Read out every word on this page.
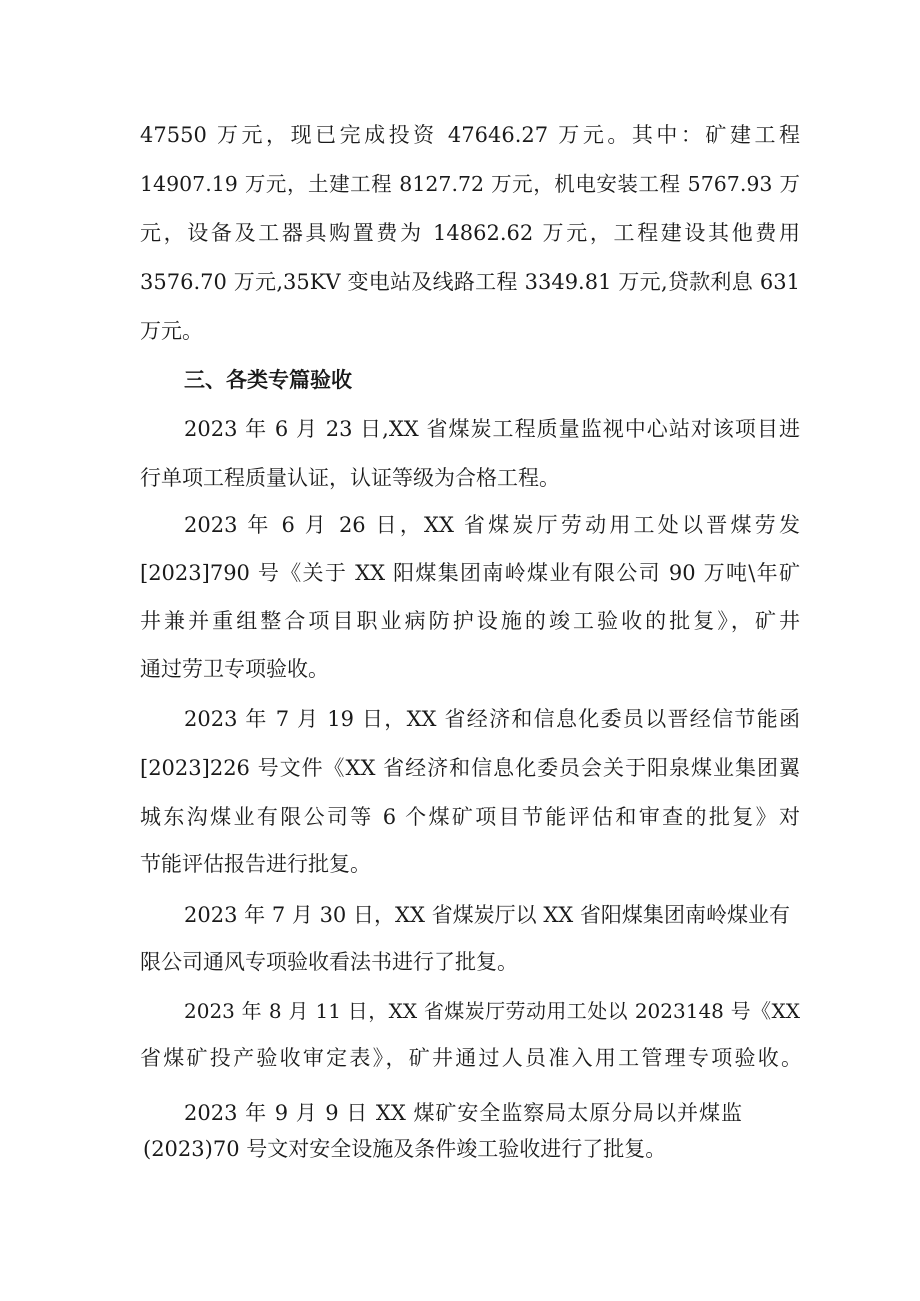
47550 万元，现已完成投资 47646.27 万元。其中：矿建工程
14907.19 万元，土建工程 8127.72 万元，机电安装工程 5767.93 万
元，设备及工器具购置费为 14862.62 万元，工程建设其他费用
3576.70 万元,35KV 变电站及线路工程 3349.81 万元,贷款利息 631
万元。
三、各类专篇验收
2023 年 6 月 23 日,XX 省煤炭工程质量监视中心站对该项目进
行单项工程质量认证，认证等级为合格工程。
2023 年 6 月 26 日，XX 省煤炭厅劳动用工处以晋煤劳发
[2023]790 号《关于 XX 阳煤集团南岭煤业有限公司 90 万吨\年矿
井兼并重组整合项目职业病防护设施的竣工验收的批复》，矿井
通过劳卫专项验收。
2023 年 7 月 19 日，XX 省经济和信息化委员以晋经信节能函
[2023]226 号文件《XX 省经济和信息化委员会关于阳泉煤业集团翼
城东沟煤业有限公司等 6 个煤矿项目节能评估和审查的批复》对
节能评估报告进行批复。
2023 年 7 月 30 日，XX 省煤炭厅以 XX 省阳煤集团南岭煤业有
限公司通风专项验收看法书进行了批复。
2023 年 8 月 11 日，XX 省煤炭厅劳动用工处以 2023148 号《XX
省煤矿投产验收审定表》，矿井通过人员准入用工管理专项验收。
2023 年 9 月 9 日 XX 煤矿安全监察局太原分局以并煤监
(2023)70 号文对安全设施及条件竣工验收进行了批复。
